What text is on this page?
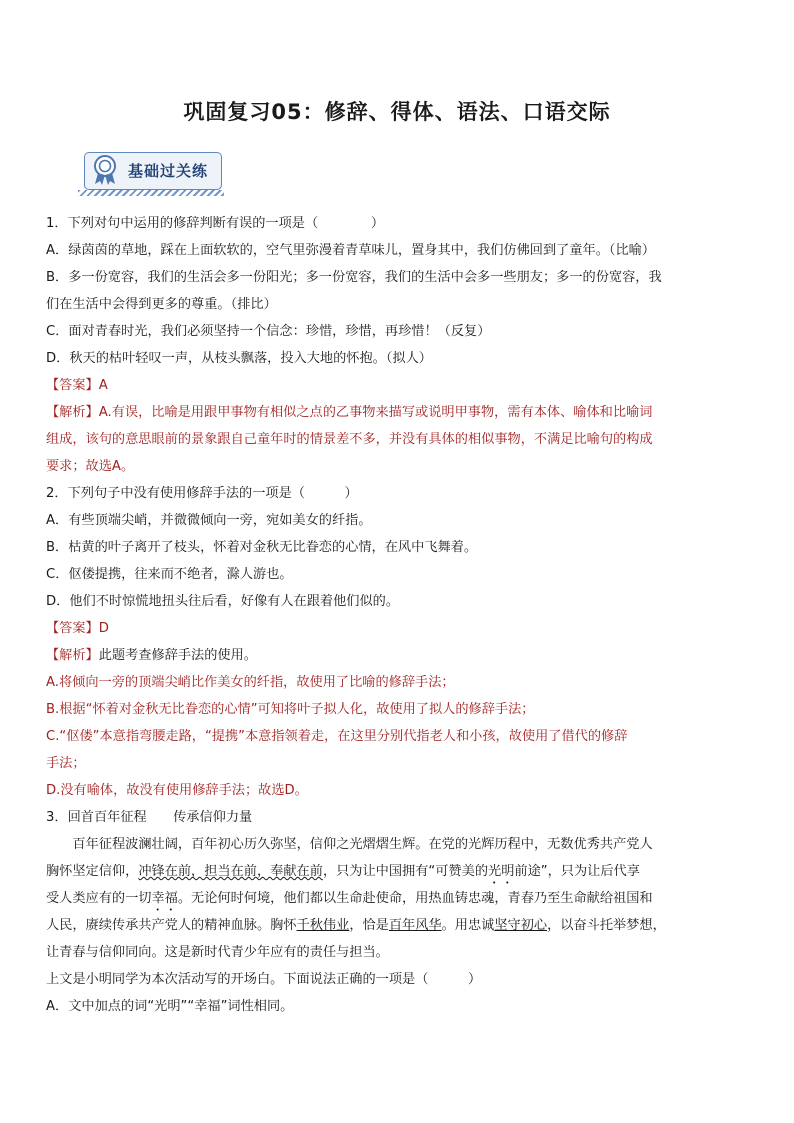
巩固复习05：修辞、得体、语法、口语交际
基础过关练
1．下列对句中运用的修辞判断有误的一项是（　　　　）
A．绿茵茵的草地，踩在上面软软的，空气里弥漫着青草味儿，置身其中，我们仿佛回到了童年。（比喻）
B．多一份宽容，我们的生活会多一份阳光；多一份宽容，我们的生活中会多一些朋友；多一的份宽容，我
们在生活中会得到更多的尊重。（排比）
C．面对青春时光，我们必须坚持一个信念：珍惜，珍惜，再珍惜！（反复）
D．秋天的枯叶轻叹一声，从枝头飘落，投入大地的怀抱。（拟人）
【答案】A
【解析】A.有误，比喻是用跟甲事物有相似之点的乙事物来描写或说明甲事物，需有本体、喻体和比喻词
组成，该句的意思眼前的景象跟自己童年时的情景差不多，并没有具体的相似事物，不满足比喻句的构成
要求；故选A。
2．下列句子中没有使用修辞手法的一项是（　　　）
A．有些顶端尖峭，并微微倾向一旁，宛如美女的纤指。
B．枯黄的叶子离开了枝头，怀着对金秋无比眷恋的心情，在风中飞舞着。
C．伛偻提携，往来而不绝者，滁人游也。
D．他们不时惊慌地扭头往后看，好像有人在跟着他们似的。
【答案】D
【解析】此题考查修辞手法的使用。
A.将倾向一旁的顶端尖峭比作美女的纤指，故使用了比喻的修辞手法；
B.根据“怀着对金秋无比眷恋的心情”可知将叶子拟人化，故使用了拟人的修辞手法；
C.“伛偻”本意指弯腰走路，“提携”本意指领着走，在这里分别代指老人和小孩，故使用了借代的修辞
手法；
D.没有喻体，故没有使用修辞手法；故选D。
3．回首百年征程　　传承信仰力量
百年征程波澜壮阔，百年初心历久弥坚，信仰之光熠熠生辉。在党的光辉历程中，无数优秀共产党人
胸怀坚定信仰，冲锋在前，担当在前，奉献在前，只为让中国拥有“可赞美的光明前途”，只为让后代享
受人类应有的一切幸福。无论何时何境，他们都以生命赴使命，用热血铸忠魂，青春乃至生命献给祖国和
人民，赓续传承共产党人的精神血脉。胸怀千秋伟业，恰是百年风华。用忠诚坚守初心，以奋斗托举梦想，
让青春与信仰同向。这是新时代青少年应有的责任与担当。
上文是小明同学为本次活动写的开场白。下面说法正确的一项是（　　　）
A．文中加点的词“光明”“幸福”词性相同。
